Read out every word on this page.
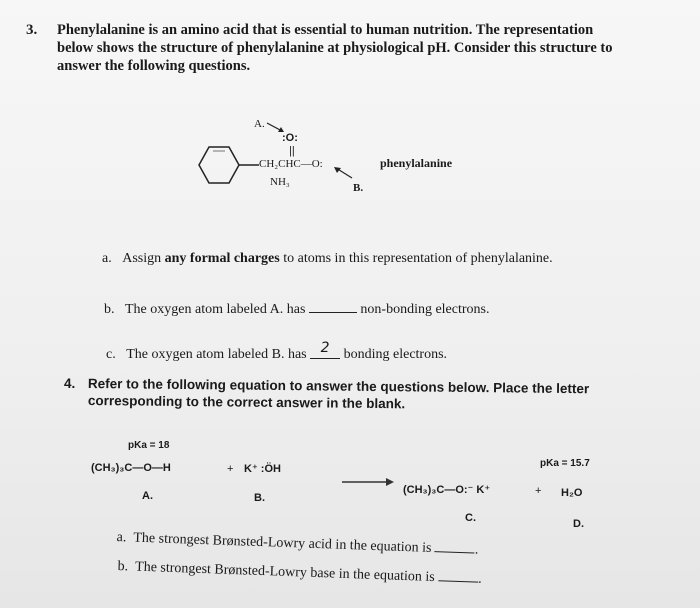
3. Phenylalanine is an amino acid that is essential to human nutrition. The representation
below shows the structure of phenylalanine at physiological pH. Consider this structure to
answer the following questions.
A.
:O:
||
CH₂CHC—O:
NH₃	B.
phenylalanine
a. Assign any formal charges to atoms in this representation of phenylalanine.
b. The oxygen atom labeled A. has	non-bonding electrons.
c. The oxygen atom labeled B. has 2 bonding electrons.
4. Refer to the following equation to answer the questions below. Place the letter
corresponding to the correct answer in the blank.
pKa = 18
(CH₃)₃C—O—H	+ K⁺ :ÖH
(CH₃)₃C—O:⁻ K⁺	+ H₂O
pKa = 15.7
A.	B.
C.	D.
a. The strongest Brønsted-Lowry acid in the equation is	.
b. The strongest Brønsted-Lowry base in the equation is	.
